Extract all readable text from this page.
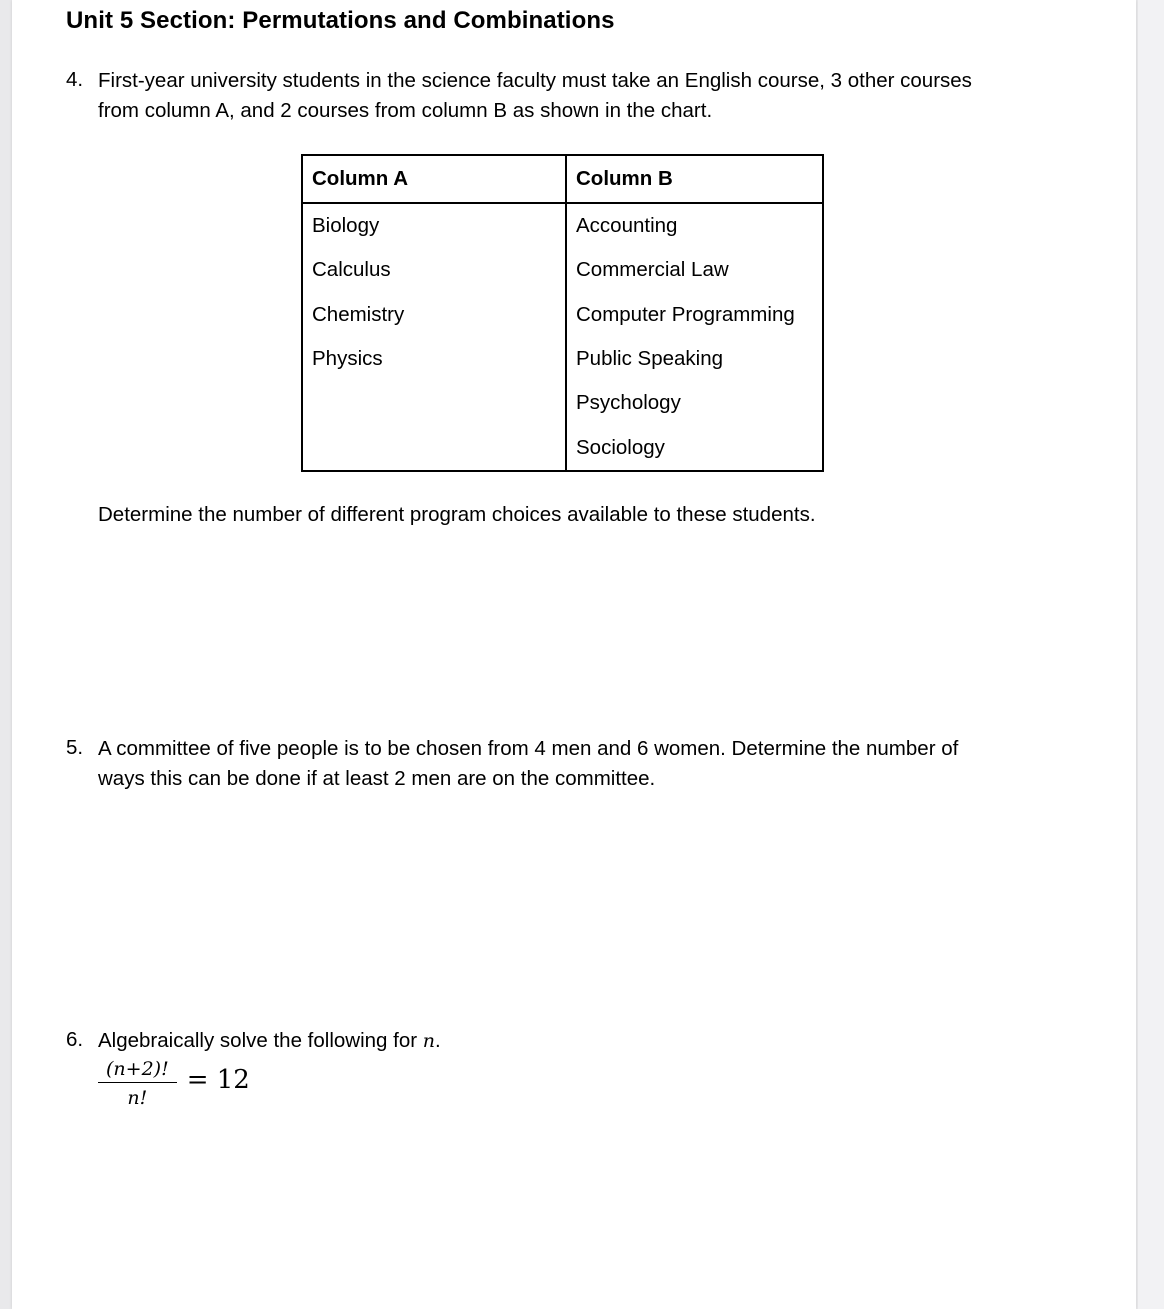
Unit 5 Section: Permutations and Combinations
4. First-year university students in the science faculty must take an English course, 3 other courses
from column A, and 2 courses from column B as shown in the chart.
Column A	Column B
Biology	Accounting
Calculus	Commercial Law
Chemistry	Computer Programming
Physics	Public Speaking
	Psychology
	Sociology
Determine the number of different program choices available to these students.
5. A committee of five people is to be chosen from 4 men and 6 women. Determine the number of
ways this can be done if at least 2 men are on the committee.
6. Algebraically solve the following for n.
$\frac{(n+2)!}{n!} = 12$
